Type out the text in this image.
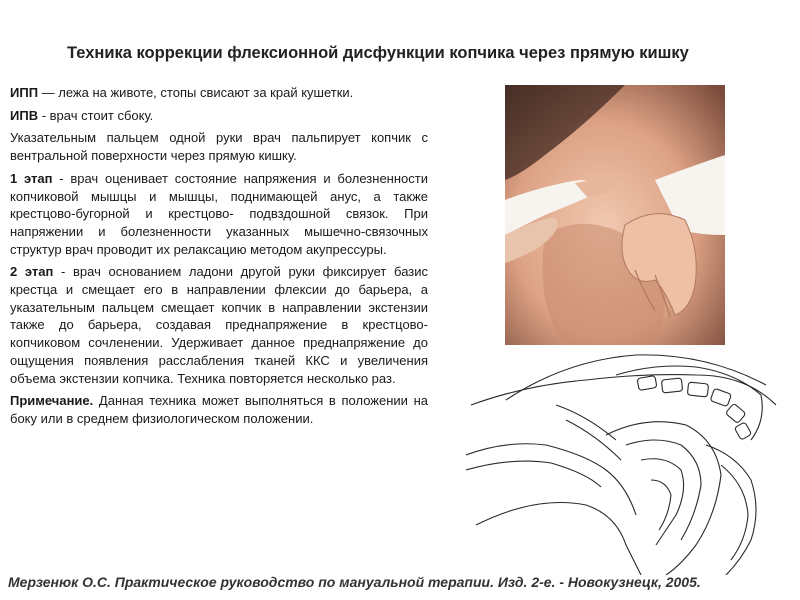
Техника коррекции флексионной дисфункции копчика через прямую кишку

ИПП — лежа на животе, стопы свисают за край кушетки.

ИПВ - врач стоит сбоку.

Указательным пальцем одной руки врач пальпирует копчик с вентральной поверхности через прямую кишку.

1 этап - врач оценивает состояние напряжения и болезненности копчиковой мышцы и мышцы, поднимающей анус, а также крестцово-бугорной и крестцово- подвздошной связок. При напряжении и болезненности указанных мышечно-связочных структур врач проводит их релаксацию методом акупрессуры.

2 этап - врач основанием ладони другой руки фиксирует базис крестца и смещает его в направлении флексии до барьера, а указательным пальцем смещает копчик в направлении экстензии также до барьера, создавая преднапряжение в крестцово-копчиковом сочленении. Удерживает данное преднапряжение до ощущения появления расслабления тканей ККС и увеличения объема экстензии копчика. Техника повторяется несколько раз.

Примечание. Данная техника может выполняться в положении на боку или в среднем физиологическом положении.

Мерзенюк О.С. Практическое руководство по мануальной терапии. Изд. 2-е. - Новокузнецк, 2005.
